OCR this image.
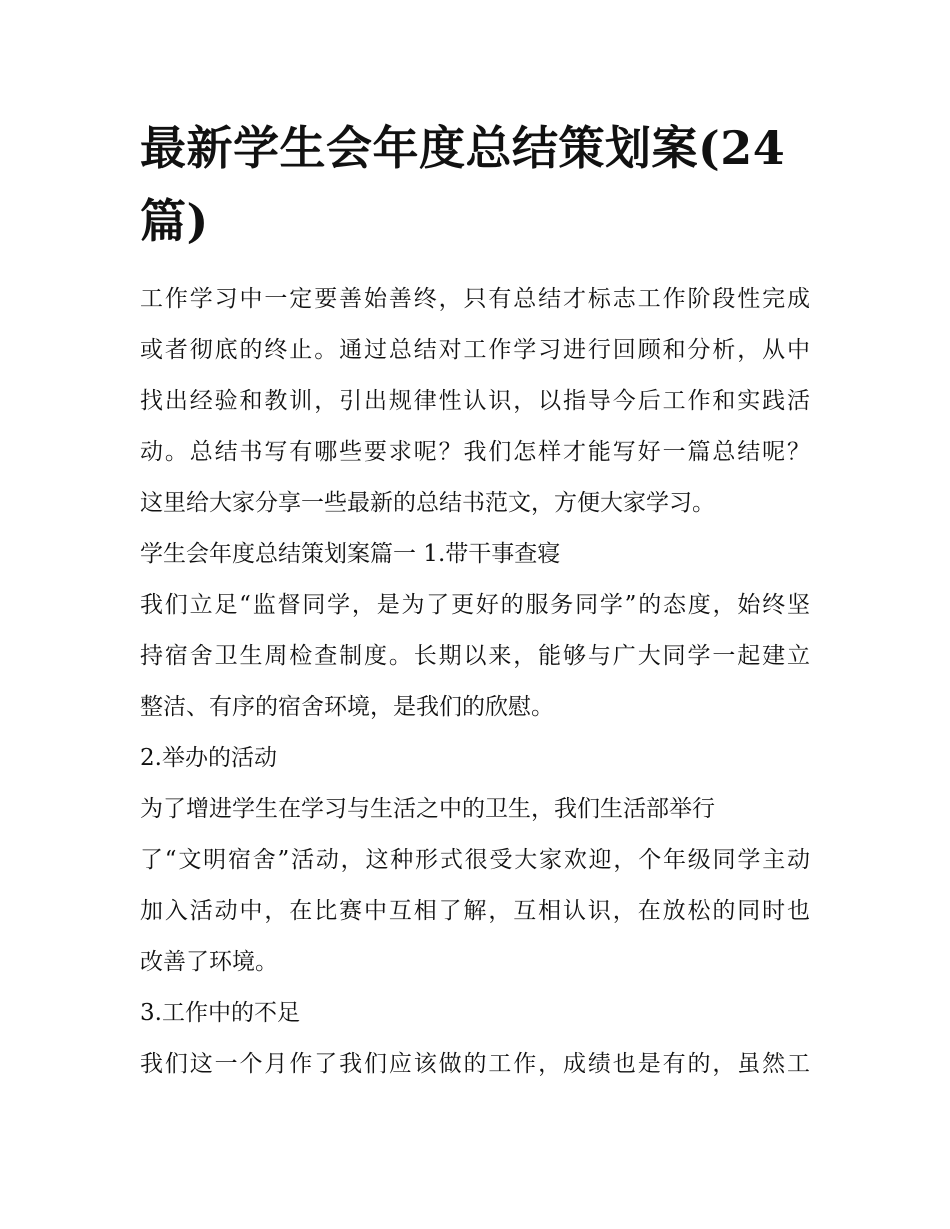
最新学生会年度总结策划案(24
篇)

工作学习中一定要善始善终，只有总结才标志工作阶段性完成

或者彻底的终止。通过总结对工作学习进行回顾和分析，从中

找出经验和教训，引出规律性认识，以指导今后工作和实践活

动。总结书写有哪些要求呢？我们怎样才能写好一篇总结呢？

这里给大家分享一些最新的总结书范文，方便大家学习。

学生会年度总结策划案篇一 1.带干事查寝

我们立足“监督同学，是为了更好的服务同学”的态度，始终坚

持宿舍卫生周检查制度。长期以来，能够与广大同学一起建立

整洁、有序的宿舍环境，是我们的欣慰。

2.举办的活动

为了增进学生在学习与生活之中的卫生，我们生活部举行

了“文明宿舍”活动，这种形式很受大家欢迎，个年级同学主动

加入活动中，在比赛中互相了解，互相认识，在放松的同时也

改善了环境。

3.工作中的不足

我们这一个月作了我们应该做的工作，成绩也是有的，虽然工
